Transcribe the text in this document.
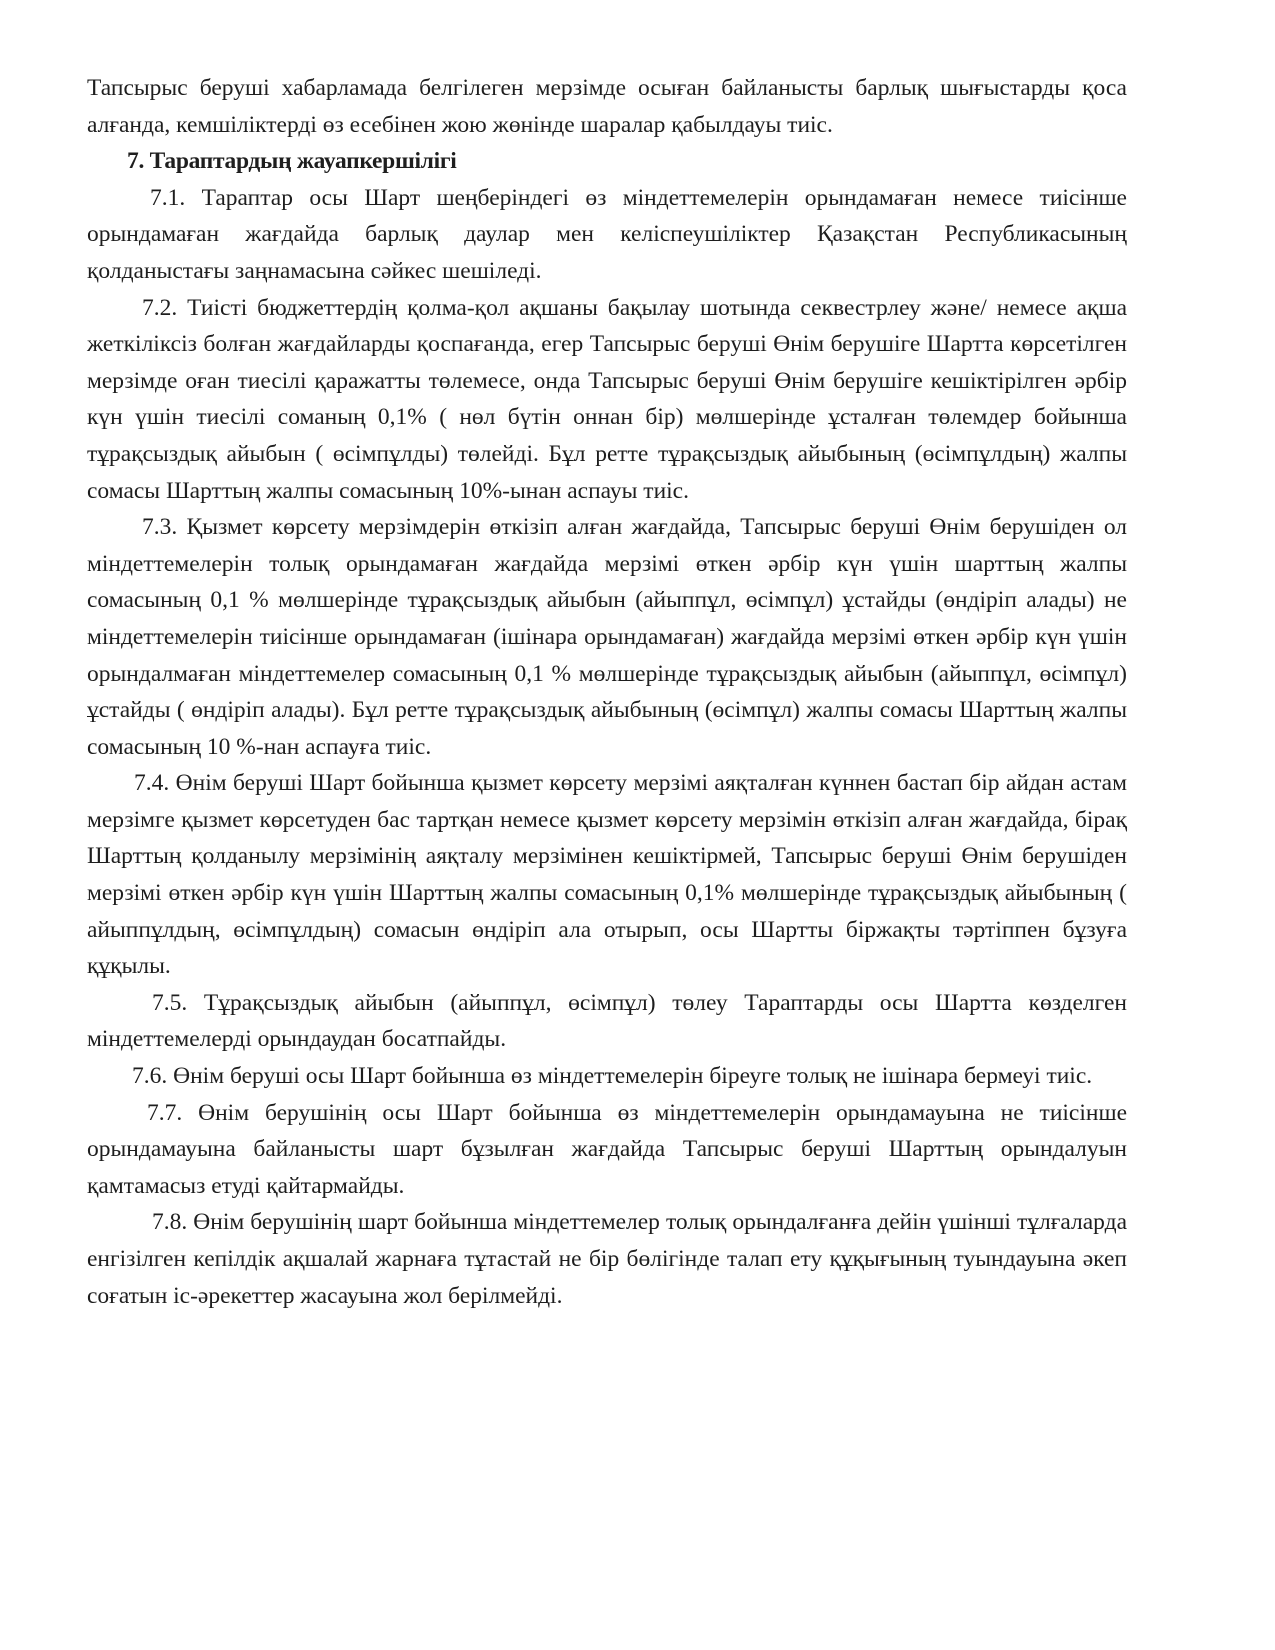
Тапсырыс беруші хабарламада белгілеген мерзімде осыған байланысты барлық шығыстарды қоса алғанда, кемшіліктерді өз есебінен жою жөнінде шаралар қабылдауы тиіс.

7. Тараптардың жауапкершілігі

7.1. Тараптар осы Шарт шеңберіндегі өз міндеттемелерін орындамаған немесе тиісінше орындамаған жағдайда барлық даулар мен келіспеушіліктер Қазақстан Республикасының қолданыстағы заңнамасына сәйкес шешіледі.

7.2. Тиісті бюджеттердің қолма-қол ақшаны бақылау шотында секвестрлеу және/ немесе ақша жеткіліксіз болған жағдайларды қоспағанда, егер Тапсырыс беруші Өнім берушіге Шартта көрсетілген мерзімде оған тиесілі қаражатты төлемесе, онда Тапсырыс беруші Өнім берушіге кешіктірілген әрбір күн үшін тиесілі соманың 0,1% ( нөл бүтін оннан бір) мөлшерінде ұсталған төлемдер бойынша тұрақсыздық айыбын ( өсімпұлды) төлейді. Бұл ретте тұрақсыздық айыбының (өсімпұлдың) жалпы сомасы Шарттың жалпы сомасының 10%-ынан аспауы тиіс.

7.3. Қызмет көрсету мерзімдерін өткізіп алған жағдайда, Тапсырыс беруші Өнім берушіден ол міндеттемелерін толық орындамаған жағдайда мерзімі өткен әрбір күн үшін шарттың жалпы сомасының 0,1 % мөлшерінде тұрақсыздық айыбын (айыппұл, өсімпұл) ұстайды (өндіріп алады) не міндеттемелерін тиісінше орындамаған (ішінара орындамаған) жағдайда мерзімі өткен әрбір күн үшін орындалмаған міндеттемелер сомасының 0,1 % мөлшерінде тұрақсыздық айыбын (айыппұл, өсімпұл) ұстайды ( өндіріп алады). Бұл ретте тұрақсыздық айыбының (өсімпұл) жалпы сомасы Шарттың жалпы сомасының 10 %-нан аспауға тиіс.

7.4. Өнім беруші Шарт бойынша қызмет көрсету мерзімі аяқталған күннен бастап бір айдан астам мерзімге қызмет көрсетуден бас тартқан немесе қызмет көрсету мерзімін өткізіп алған жағдайда, бірақ Шарттың қолданылу мерзімінің аяқталу мерзімінен кешіктірмей, Тапсырыс беруші Өнім берушіден мерзімі өткен әрбір күн үшін Шарттың жалпы сомасының 0,1% мөлшерінде тұрақсыздық айыбының ( айыппұлдың, өсімпұлдың) сомасын өндіріп ала отырып, осы Шартты біржақты тәртіппен бұзуға құқылы.

7.5. Тұрақсыздық айыбын (айыппұл, өсімпұл) төлеу Тараптарды осы Шартта көзделген міндеттемелерді орындаудан босатпайды.

7.6. Өнім беруші осы Шарт бойынша өз міндеттемелерін біреуге толық не ішінара бермеуі тиіс.

7.7. Өнім берушінің осы Шарт бойынша өз міндеттемелерін орындамауына не тиісінше орындамауына байланысты шарт бұзылған жағдайда Тапсырыс беруші Шарттың орындалуын қамтамасыз етуді қайтармайды.

7.8. Өнім берушінің шарт бойынша міндеттемелер толық орындалғанға дейін үшінші тұлғаларда енгізілген кепілдік ақшалай жарнаға тұтастай не бір бөлігінде талап ету құқығының туындауына әкеп соғатын іс-әрекеттер жасауына жол берілмейді.
